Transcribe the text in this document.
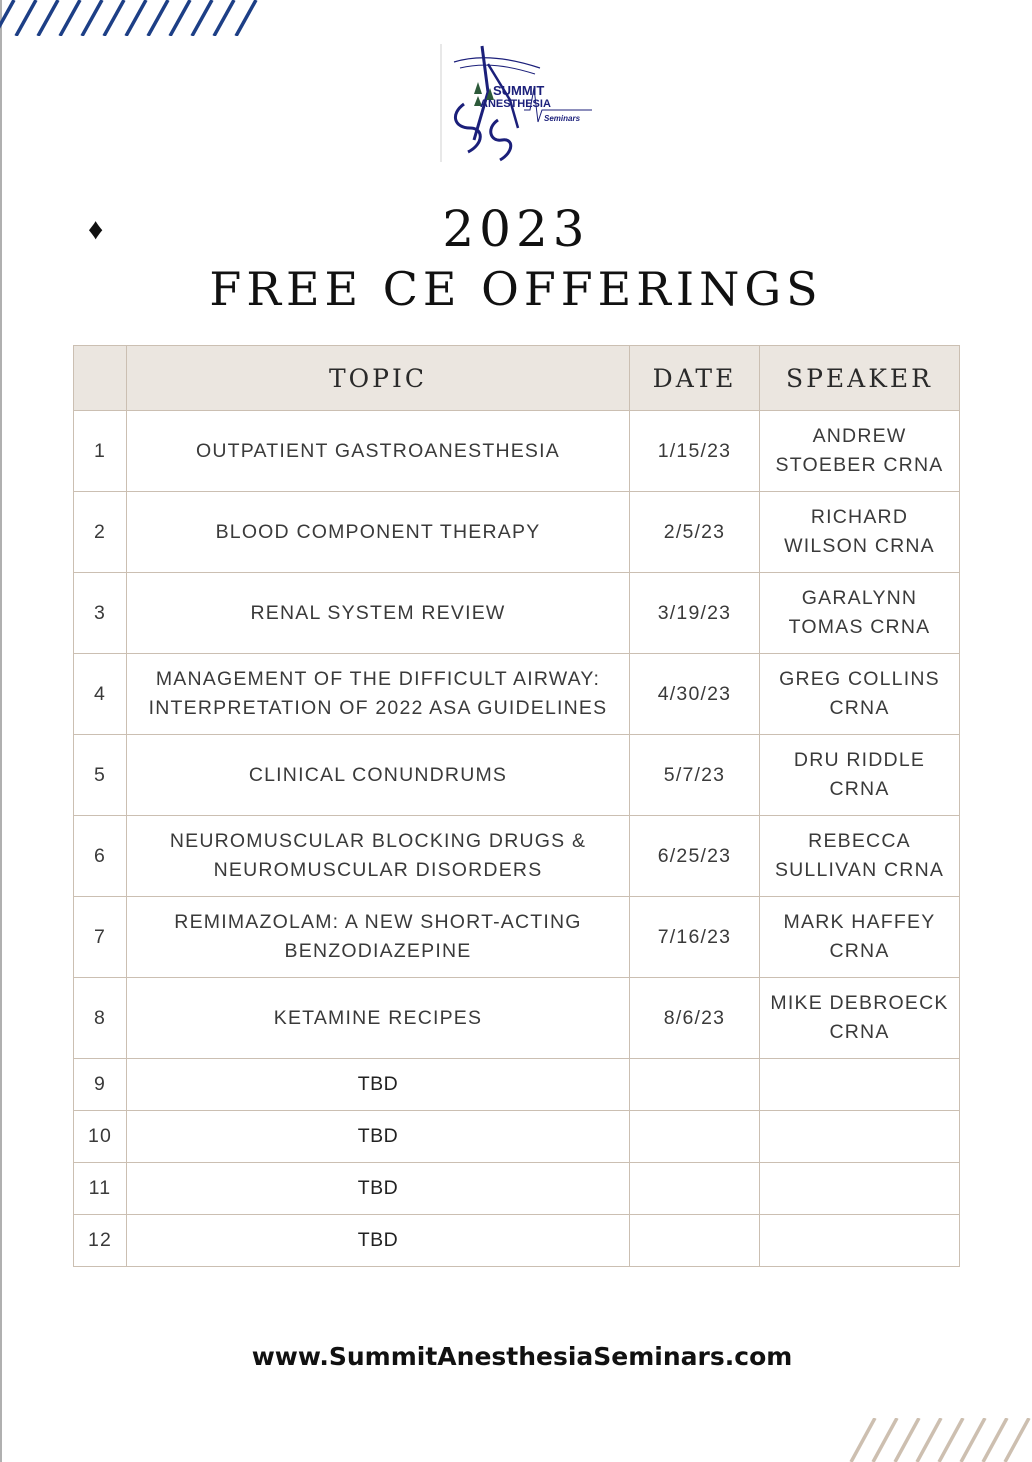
SUMMIT
ANESTHESIA
Seminars
♦	2023
FREE CE OFFERINGS
	TOPIC	DATE	SPEAKER
1	OUTPATIENT GASTROANESTHESIA	1/15/23	ANDREW STOEBER CRNA
2	BLOOD COMPONENT THERAPY	2/5/23	RICHARD WILSON CRNA
3	RENAL SYSTEM REVIEW	3/19/23	GARALYNN TOMAS CRNA
4	MANAGEMENT OF THE DIFFICULT AIRWAY: INTERPRETATION OF 2022 ASA GUIDELINES	4/30/23	GREG COLLINS CRNA
5	CLINICAL CONUNDRUMS	5/7/23	DRU RIDDLE CRNA
6	NEUROMUSCULAR BLOCKING DRUGS & NEUROMUSCULAR DISORDERS	6/25/23	REBECCA SULLIVAN CRNA
7	REMIMAZOLAM: A NEW SHORT-ACTING BENZODIAZEPINE	7/16/23	MARK HAFFEY CRNA
8	KETAMINE RECIPES	8/6/23	MIKE DEBROECK CRNA
9	TBD		
10	TBD		
11	TBD		
12	TBD		
www.SummitAnesthesiaSeminars.com
